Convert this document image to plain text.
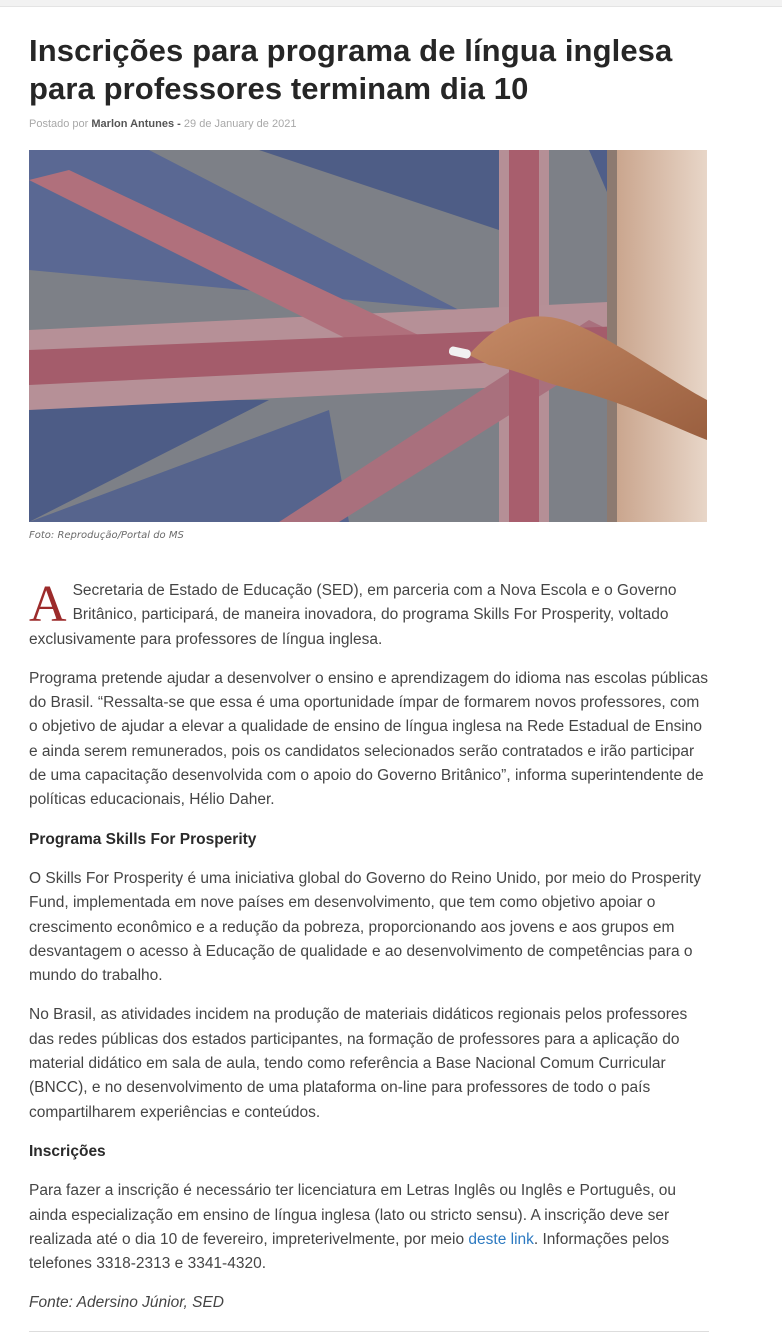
Inscrições para programa de língua inglesa para professores terminam dia 10
Postado por Marlon Antunes - 29 de January de 2021
Foto: Reprodução/Portal do MS

A Secretaria de Estado de Educação (SED), em parceria com a Nova Escola e o Governo Britânico, participará, de maneira inovadora, do programa Skills For Prosperity, voltado exclusivamente para professores de língua inglesa.

Programa pretende ajudar a desenvolver o ensino e aprendizagem do idioma nas escolas públicas do Brasil. “Ressalta-se que essa é uma oportunidade ímpar de formarem novos professores, com o objetivo de ajudar a elevar a qualidade de ensino de língua inglesa na Rede Estadual de Ensino e ainda serem remunerados, pois os candidatos selecionados serão contratados e irão participar de uma capacitação desenvolvida com o apoio do Governo Britânico”, informa superintendente de políticas educacionais, Hélio Daher.

Programa Skills For Prosperity

O Skills For Prosperity é uma iniciativa global do Governo do Reino Unido, por meio do Prosperity Fund, implementada em nove países em desenvolvimento, que tem como objetivo apoiar o crescimento econômico e a redução da pobreza, proporcionando aos jovens e aos grupos em desvantagem o acesso à Educação de qualidade e ao desenvolvimento de competências para o mundo do trabalho.

No Brasil, as atividades incidem na produção de materiais didáticos regionais pelos professores das redes públicas dos estados participantes, na formação de professores para a aplicação do material didático em sala de aula, tendo como referência a Base Nacional Comum Curricular (BNCC), e no desenvolvimento de uma plataforma on-line para professores de todo o país compartilharem experiências e conteúdos.

Inscrições

Para fazer a inscrição é necessário ter licenciatura em Letras Inglês ou Inglês e Português, ou ainda especialização em ensino de língua inglesa (lato ou stricto sensu). A inscrição deve ser realizada até o dia 10 de fevereiro, impreterivelmente, por meio deste link. Informações pelos telefones 3318-2313 e 3341-4320.

Fonte: Adersino Júnior, SED
